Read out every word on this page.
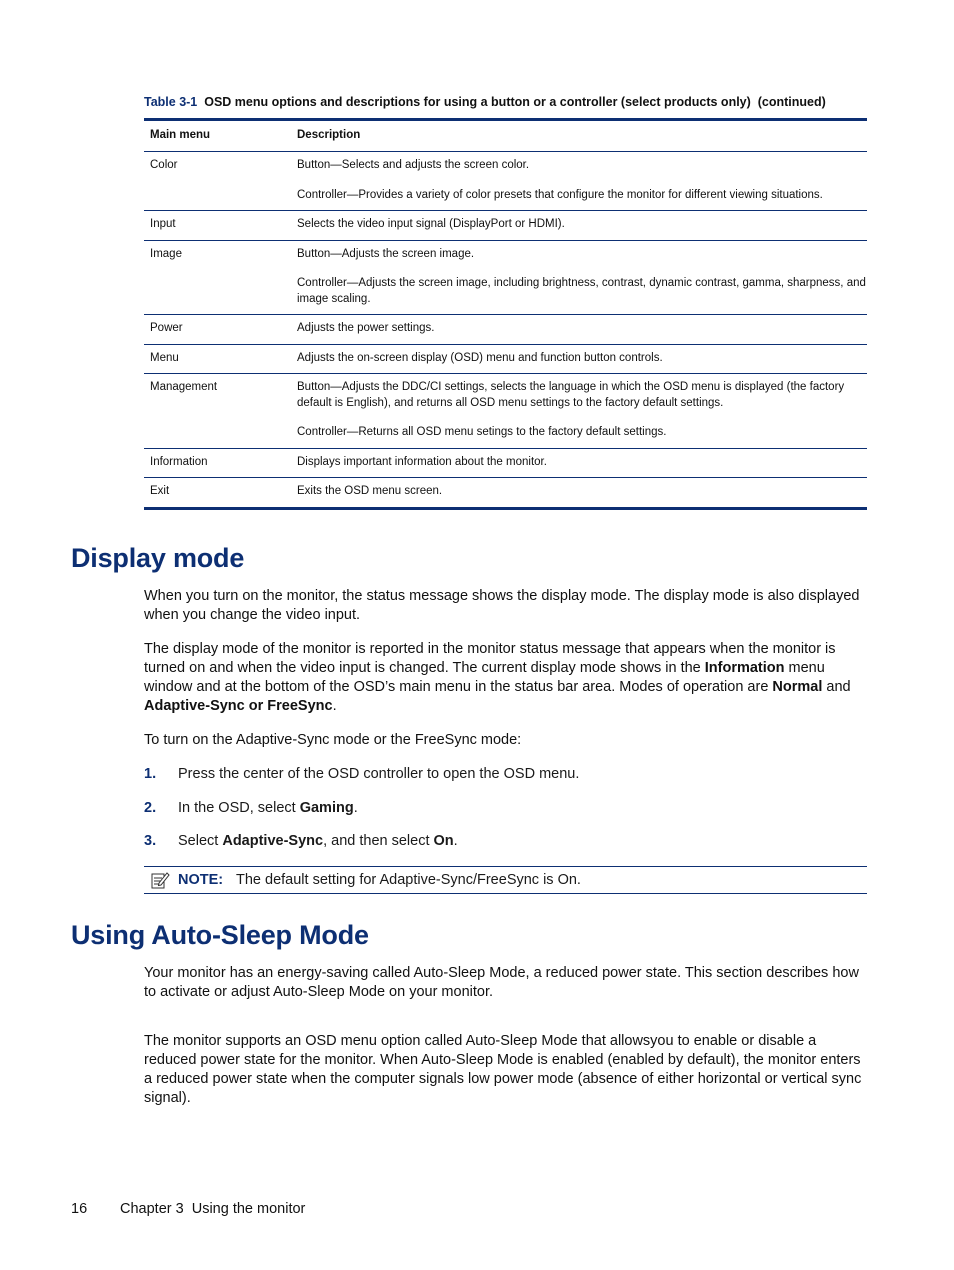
Table 3-1 OSD menu options and descriptions for using a button or a controller (select products only) (continued)
Main menu	Description
Color	Button—Selects and adjusts the screen color.

Controller—Provides a variety of color presets that configure the monitor for different viewing situations.

Input	Selects the video input signal (DisplayPort or HDMI).

Image	Button—Adjusts the screen image.

Controller—Adjusts the screen image, including brightness, contrast, dynamic contrast, gamma, sharpness, and image scaling.

Power	Adjusts the power settings.

Menu	Adjusts the on-screen display (OSD) menu and function button controls.

Management	Button—Adjusts the DDC/CI settings, selects the language in which the OSD menu is displayed (the factory default is English), and returns all OSD menu settings to the factory default settings.

Controller—Returns all OSD menu setings to the factory default settings.

Information	Displays important information about the monitor.

Exit	Exits the OSD menu screen.

Display mode

When you turn on the monitor, the status message shows the display mode. The display mode is also displayed when you change the video input.

The display mode of the monitor is reported in the monitor status message that appears when the monitor is turned on and when the video input is changed. The current display mode shows in the Information menu window and at the bottom of the OSD’s main menu in the status bar area. Modes of operation are Normal and Adaptive-Sync or FreeSync.

To turn on the Adaptive-Sync mode or the FreeSync mode:

1.	Press the center of the OSD controller to open the OSD menu.
2.	In the OSD, select Gaming.
3.	Select Adaptive-Sync, and then select On.
NOTE: The default setting for Adaptive-Sync/FreeSync is On.
Using Auto-Sleep Mode

Your monitor has an energy-saving called Auto-Sleep Mode, a reduced power state. This section describes how to activate or adjust Auto-Sleep Mode on your monitor.

The monitor supports an OSD menu option called Auto-Sleep Mode that allowsyou to enable or disable a reduced power state for the monitor. When Auto-Sleep Mode is enabled (enabled by default), the monitor enters a reduced power state when the computer signals low power mode (absence of either horizontal or vertical sync signal).

16	Chapter 3  Using the monitor
